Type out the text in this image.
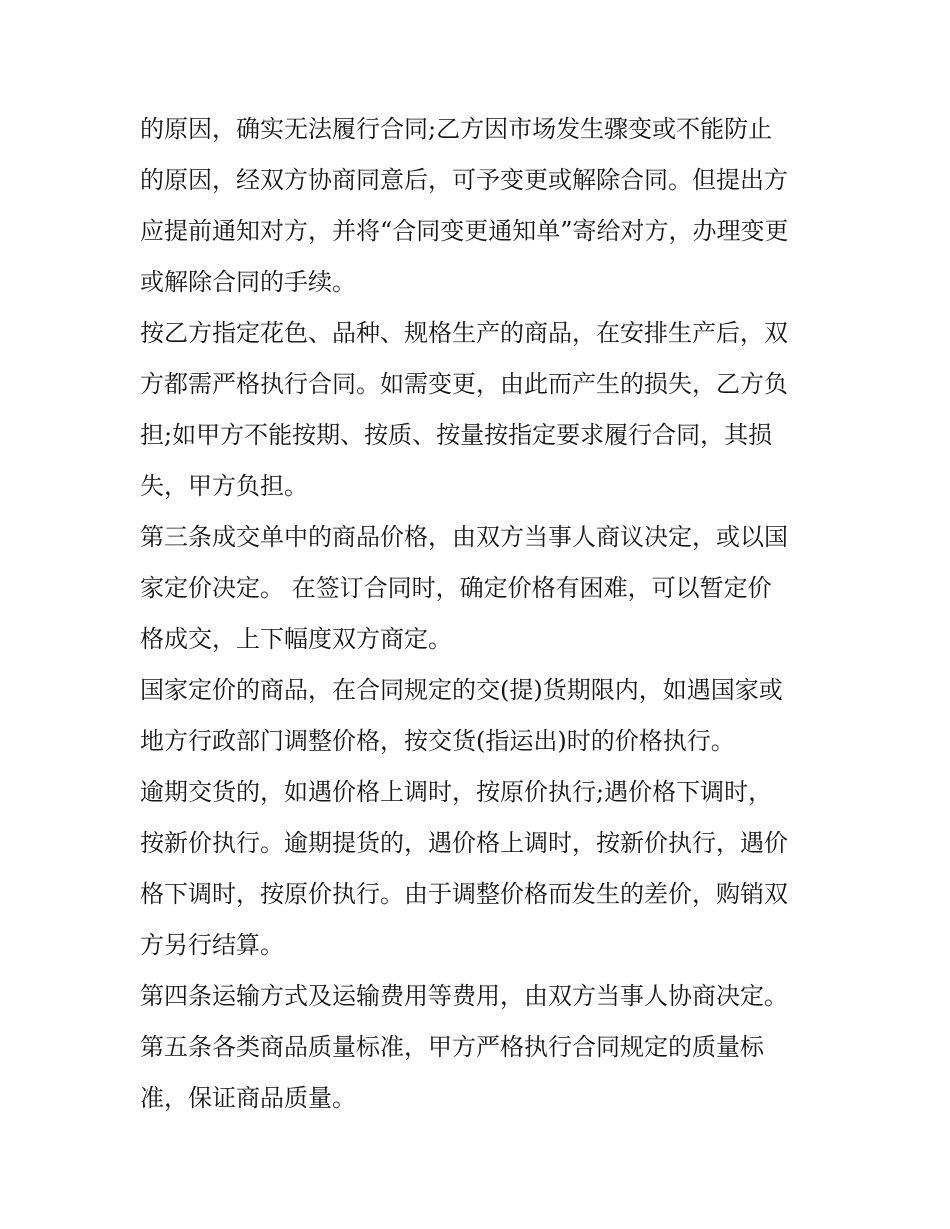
的原因，确实无法履行合同;乙方因市场发生骤变或不能防止
的原因，经双方协商同意后，可予变更或解除合同。但提出方
应提前通知对方，并将“合同变更通知单”寄给对方，办理变更
或解除合同的手续。
按乙方指定花色、品种、规格生产的商品，在安排生产后，双
方都需严格执行合同。如需变更，由此而产生的损失，乙方负
担;如甲方不能按期、按质、按量按指定要求履行合同，其损
失，甲方负担。
第三条成交单中的商品价格，由双方当事人商议决定，或以国
家定价决定。 在签订合同时，确定价格有困难，可以暂定价
格成交，上下幅度双方商定。
国家定价的商品，在合同规定的交(提)货期限内，如遇国家或
地方行政部门调整价格，按交货(指运出)时的价格执行。
逾期交货的，如遇价格上调时，按原价执行;遇价格下调时，
按新价执行。逾期提货的，遇价格上调时，按新价执行，遇价
格下调时，按原价执行。由于调整价格而发生的差价，购销双
方另行结算。
第四条运输方式及运输费用等费用，由双方当事人协商决定。
第五条各类商品质量标准，甲方严格执行合同规定的质量标
准，保证商品质量。
